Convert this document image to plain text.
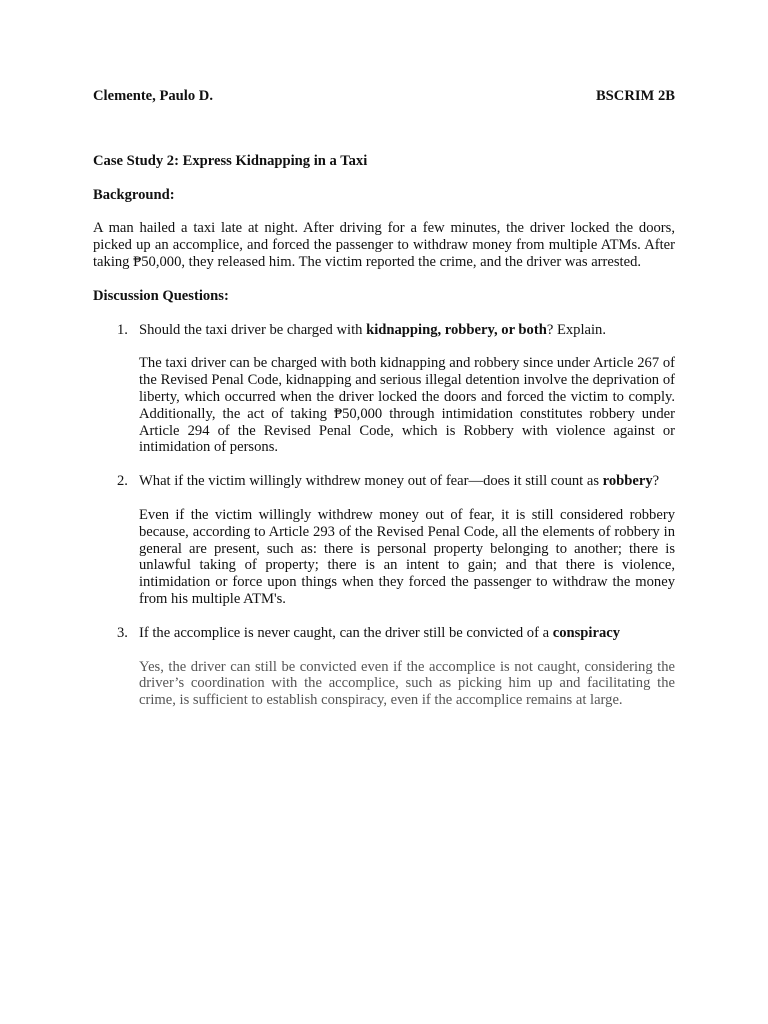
Clemente, Paulo D.	BSCRIM 2B
Case Study 2: Express Kidnapping in a Taxi
Background:
A man hailed a taxi late at night. After driving for a few minutes, the driver locked the doors, picked up an accomplice, and forced the passenger to withdraw money from multiple ATMs. After taking ₱50,000, they released him. The victim reported the crime, and the driver was arrested.
Discussion Questions:
1. Should the taxi driver be charged with kidnapping, robbery, or both? Explain.
The taxi driver can be charged with both kidnapping and robbery since under Article 267 of the Revised Penal Code, kidnapping and serious illegal detention involve the deprivation of liberty, which occurred when the driver locked the doors and forced the victim to comply. Additionally, the act of taking ₱50,000 through intimidation constitutes robbery under Article 294 of the Revised Penal Code, which is Robbery with violence against or intimidation of persons.
2. What if the victim willingly withdrew money out of fear—does it still count as robbery?
Even if the victim willingly withdrew money out of fear, it is still considered robbery because, according to Article 293 of the Revised Penal Code, all the elements of robbery in general are present, such as: there is personal property belonging to another; there is unlawful taking of property; there is an intent to gain; and that there is violence, intimidation or force upon things when they forced the passenger to withdraw the money from his multiple ATM's.
3. If the accomplice is never caught, can the driver still be convicted of a conspiracy
Yes, the driver can still be convicted even if the accomplice is not caught, considering the driver’s coordination with the accomplice, such as picking him up and facilitating the crime, is sufficient to establish conspiracy, even if the accomplice remains at large.
